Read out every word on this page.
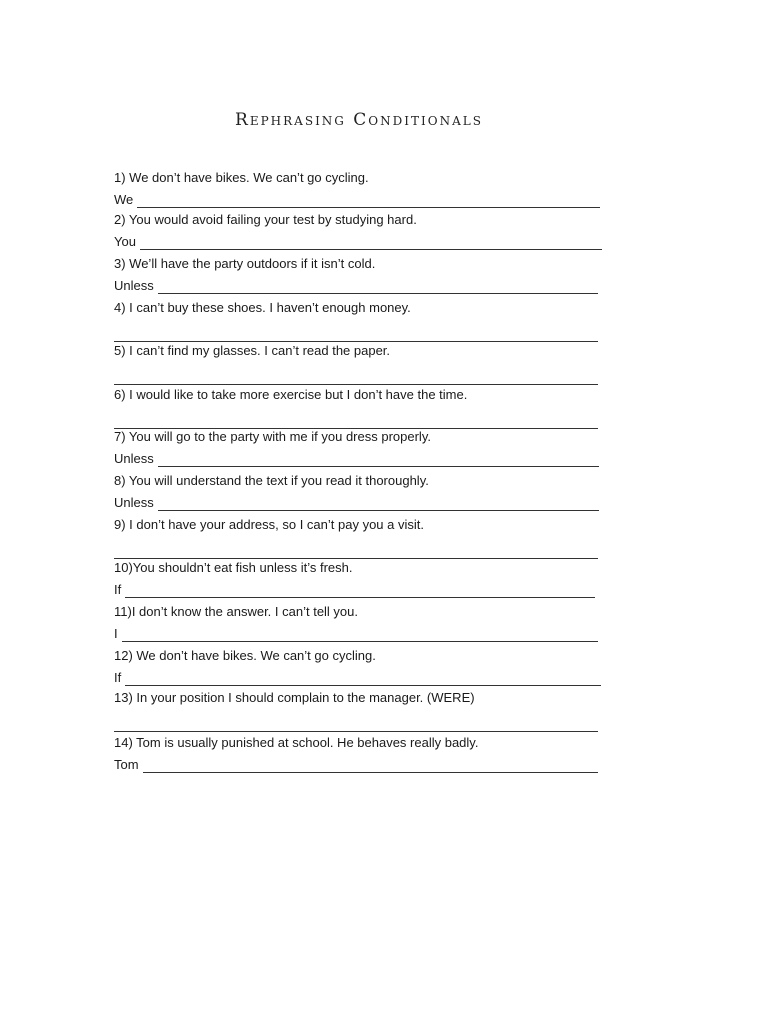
Rephrasing Conditionals
1) We don’t have bikes. We can’t go cycling.
We
2) You would avoid failing your test by studying hard.
You
3) We’ll have the party outdoors if it isn’t cold.
Unless
4) I can’t buy these shoes. I haven’t enough money.
5) I can’t find my glasses. I can’t read the paper.
6) I would like to take more exercise but I don’t have the time.
7) You will go to the party with me if you dress properly.
Unless
8) You will understand the text if you read it thoroughly.
Unless
9) I don’t have your address, so I can’t pay you a visit.
10)You shouldn’t eat fish unless it’s fresh.
If
11)I don’t know the answer. I can’t tell you.
I
12) We don’t have bikes. We can’t go cycling.
If
13) In your position I should complain to the manager. (WERE)
14) Tom is usually punished at school. He behaves really badly.
Tom
